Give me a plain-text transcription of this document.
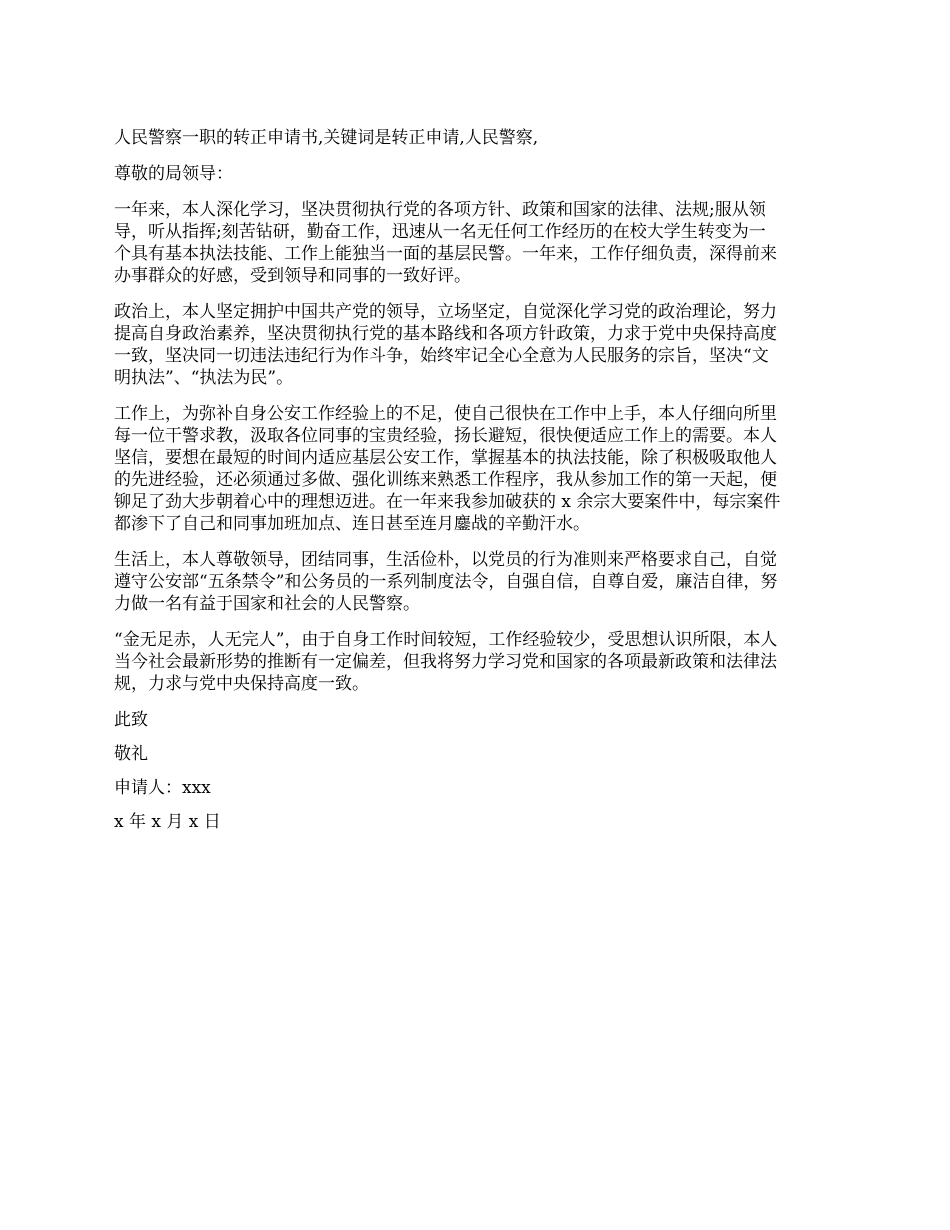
人民警察一职的转正申请书,关键词是转正申请,人民警察,

尊敬的局领导：

一年来，本人深化学习，坚决贯彻执行党的各项方针、政策和国家的法律、法规;服从领

导，听从指挥;刻苦钻研，勤奋工作，迅速从一名无任何工作经历的在校大学生转变为一

个具有基本执法技能、工作上能独当一面的基层民警。一年来，工作仔细负责，深得前来

办事群众的好感，受到领导和同事的一致好评。

政治上，本人坚定拥护中国共产党的领导，立场坚定，自觉深化学习党的政治理论，努力

提高自身政治素养，坚决贯彻执行党的基本路线和各项方针政策，力求于党中央保持高度

一致，坚决同一切违法违纪行为作斗争，始终牢记全心全意为人民服务的宗旨，坚决“文

明执法”、“执法为民”。

工作上，为弥补自身公安工作经验上的不足，使自己很快在工作中上手，本人仔细向所里

每一位干警求教，汲取各位同事的宝贵经验，扬长避短，很快便适应工作上的需要。本人

坚信，要想在最短的时间内适应基层公安工作，掌握基本的执法技能，除了积极吸取他人

的先进经验，还必须通过多做、强化训练来熟悉工作程序，我从参加工作的第一天起，便

铆足了劲大步朝着心中的理想迈进。在一年来我参加破获的 x 余宗大要案件中，每宗案件

都渗下了自己和同事加班加点、连日甚至连月鏖战的辛勤汗水。

生活上，本人尊敬领导，团结同事，生活俭朴，以党员的行为准则来严格要求自己，自觉

遵守公安部“五条禁令”和公务员的一系列制度法令，自强自信，自尊自爱，廉洁自律，努

力做一名有益于国家和社会的人民警察。

“金无足赤，人无完人”，由于自身工作时间较短，工作经验较少，受思想认识所限，本人

当今社会最新形势的推断有一定偏差，但我将努力学习党和国家的各项最新政策和法律法

规，力求与党中央保持高度一致。

此致

敬礼

申请人：xxx

x 年 x 月 x 日
